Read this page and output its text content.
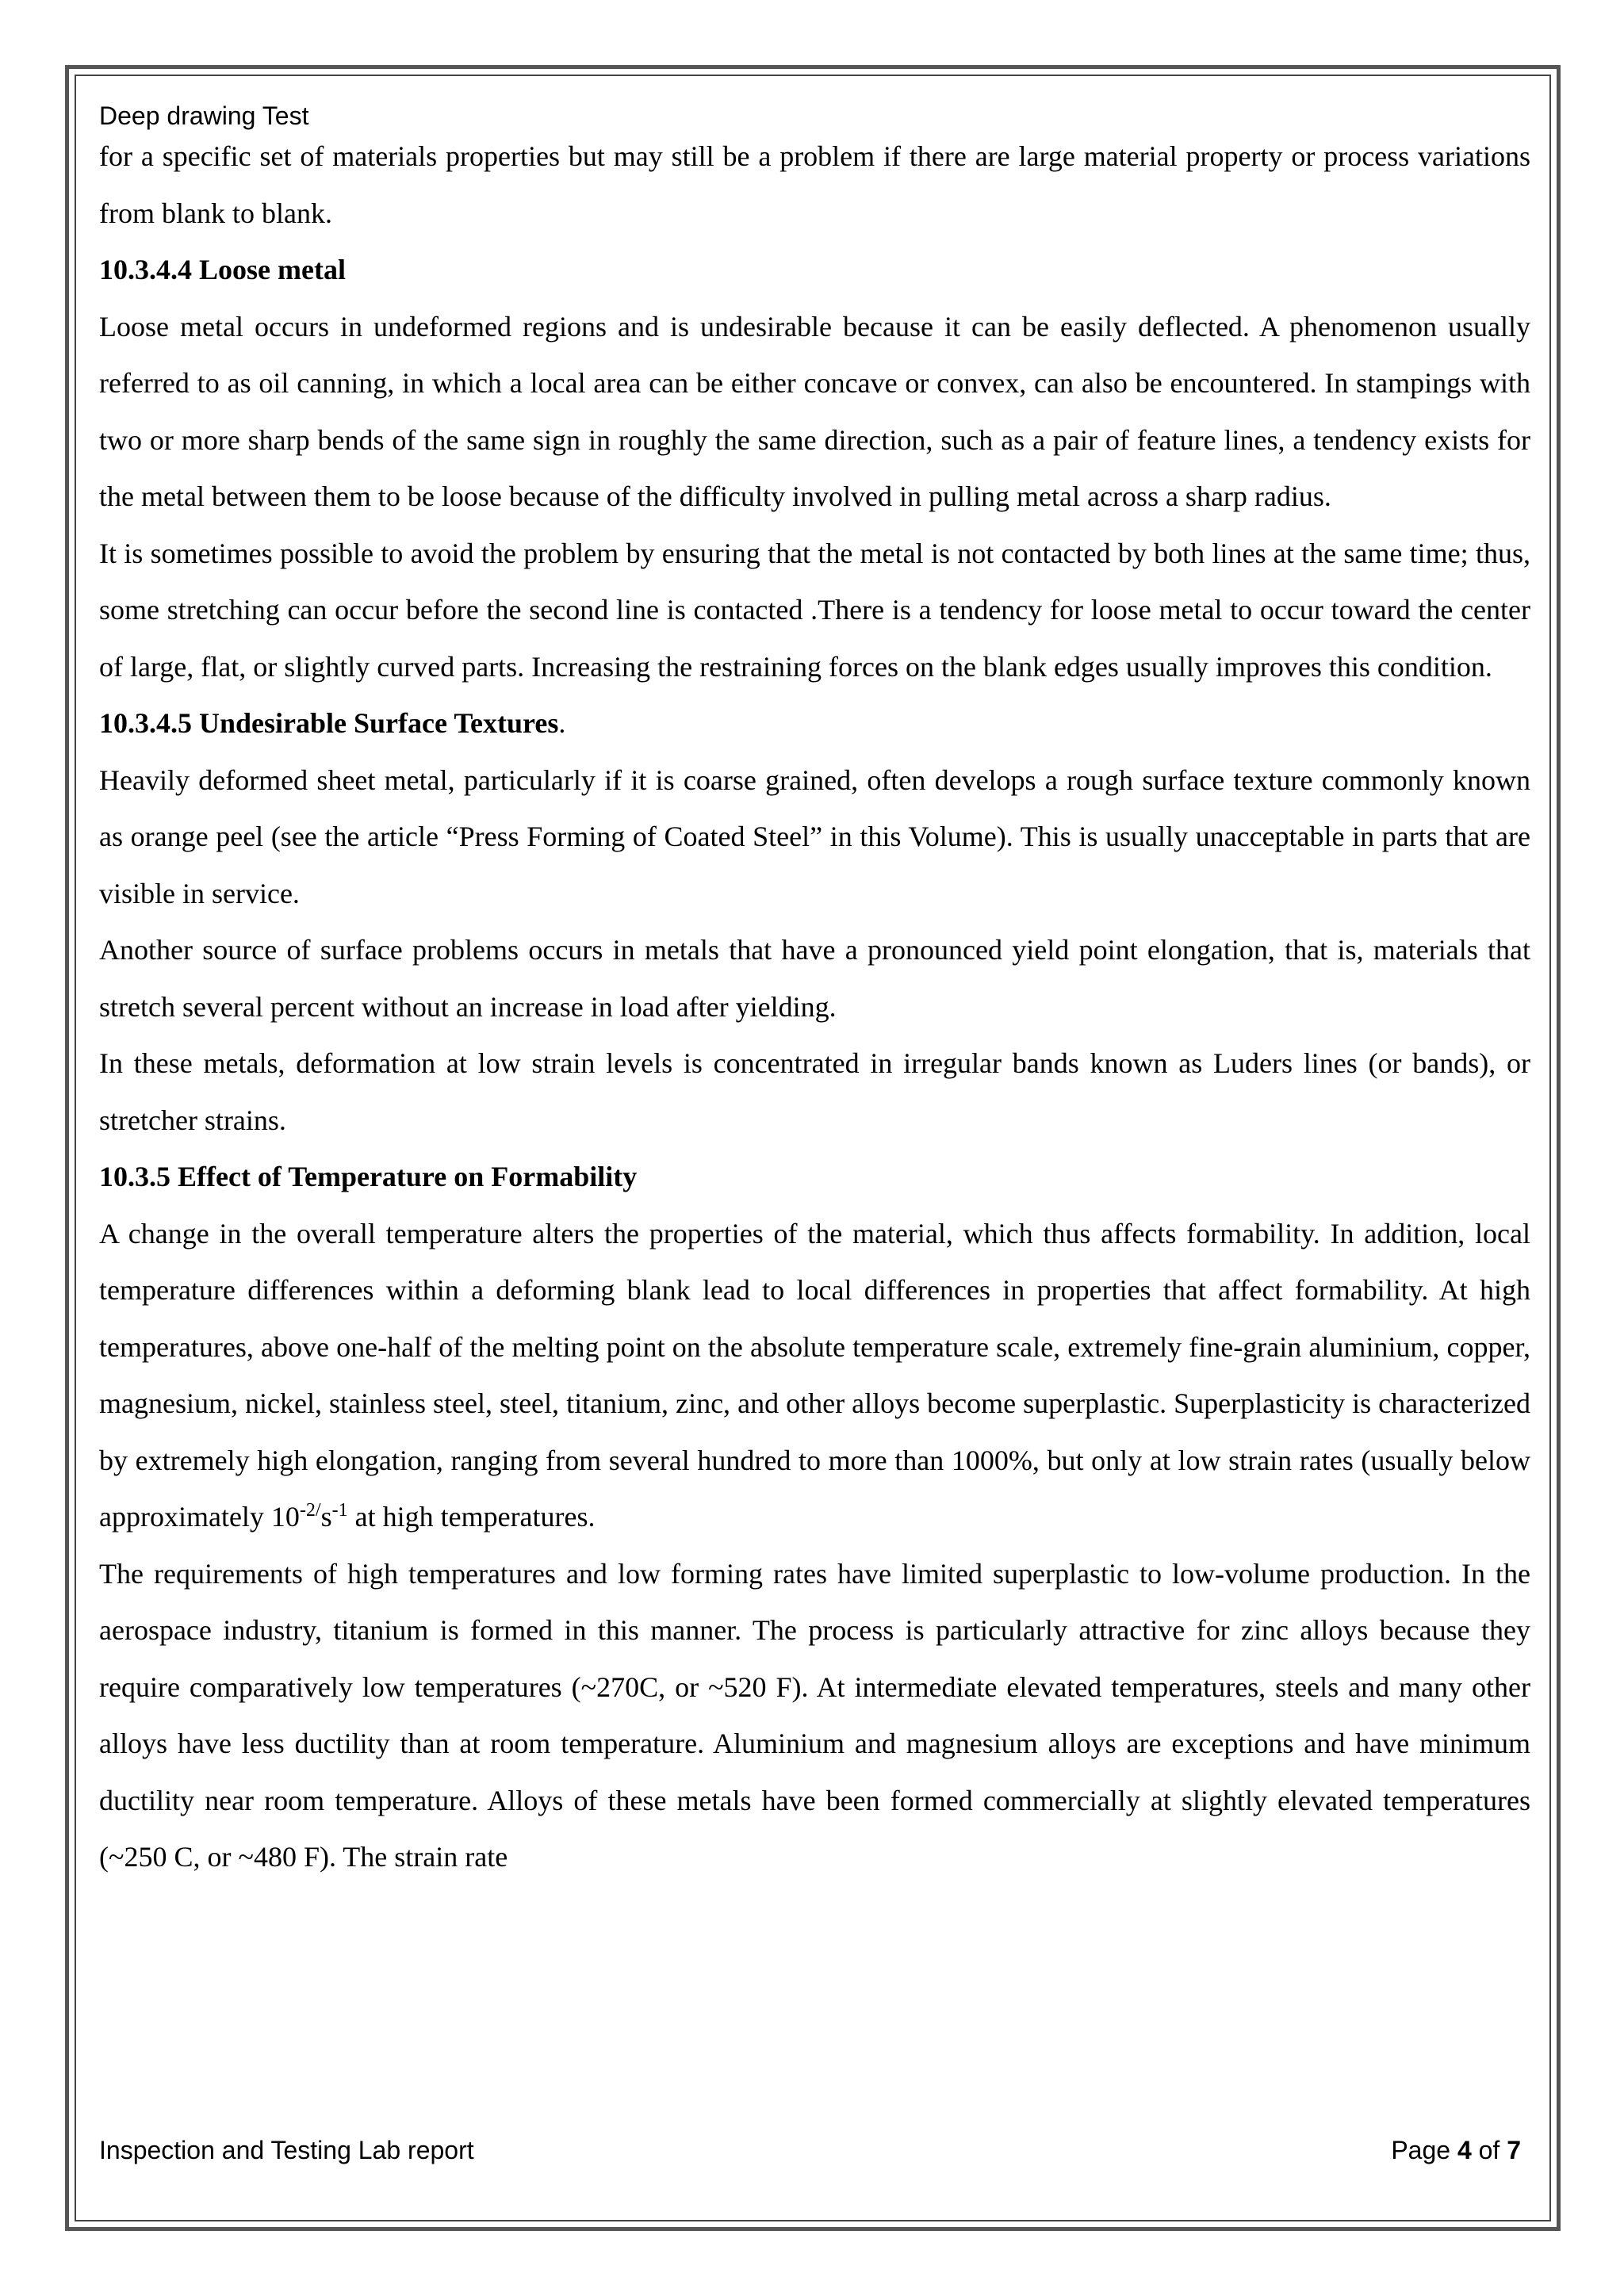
Deep drawing Test

for a specific set of materials properties but may still be a problem if there are large material property or process variations from blank to blank.

10.3.4.4 Loose metal

Loose metal occurs in undeformed regions and is undesirable because it can be easily deflected. A phenomenon usually referred to as oil canning, in which a local area can be either concave or convex, can also be encountered. In stampings with two or more sharp bends of the same sign in roughly the same direction, such as a pair of feature lines, a tendency exists for the metal between them to be loose because of the difficulty involved in pulling metal across a sharp radius.

It is sometimes possible to avoid the problem by ensuring that the metal is not contacted by both lines at the same time; thus, some stretching can occur before the second line is contacted .There is a tendency for loose metal to occur toward the center of large, flat, or slightly curved parts. Increasing the restraining forces on the blank edges usually improves this condition.

10.3.4.5 Undesirable Surface Textures.

Heavily deformed sheet metal, particularly if it is coarse grained, often develops a rough surface texture commonly known as orange peel (see the article “Press Forming of Coated Steel” in this Volume). This is usually unacceptable in parts that are visible in service.

Another source of surface problems occurs in metals that have a pronounced yield point elongation, that is, materials that stretch several percent without an increase in load after yielding.

In these metals, deformation at low strain levels is concentrated in irregular bands known as Luders lines (or bands), or stretcher strains.

10.3.5 Effect of Temperature on Formability

A change in the overall temperature alters the properties of the material, which thus affects formability. In addition, local temperature differences within a deforming blank lead to local differences in properties that affect formability. At high temperatures, above one-half of the melting point on the absolute temperature scale, extremely fine-grain aluminium, copper, magnesium, nickel, stainless steel, steel, titanium, zinc, and other alloys become superplastic. Superplasticity is characterized by extremely high elongation, ranging from several hundred to more than 1000%, but only at low strain rates (usually below approximately $10^{-2/}s^{-1}$ at high temperatures.

The requirements of high temperatures and low forming rates have limited superplastic to low-volume production. In the aerospace industry, titanium is formed in this manner. The process is particularly attractive for zinc alloys because they require comparatively low temperatures (~270C, or ~520 F). At intermediate elevated temperatures, steels and many other alloys have less ductility than at room temperature. Aluminium and magnesium alloys are exceptions and have minimum ductility near room temperature. Alloys of these metals have been formed commercially at slightly elevated temperatures (~250 C, or ~480 F). The strain rate

Inspection and Testing Lab report	Page 4 of 7
